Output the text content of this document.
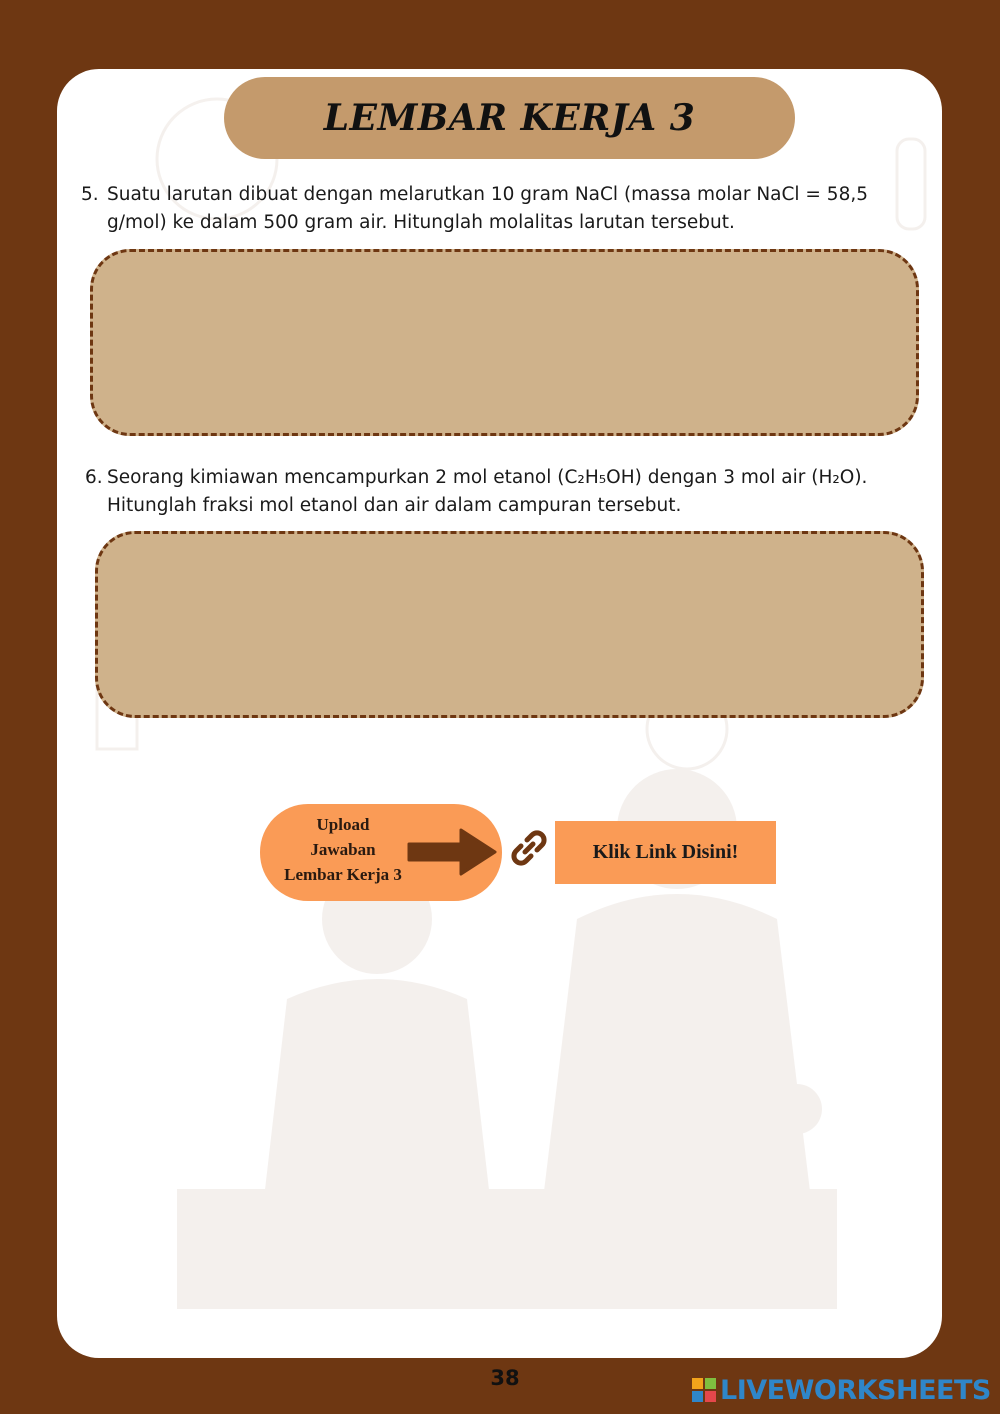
LEMBAR KERJA 3
5. Suatu larutan dibuat dengan melarutkan 10 gram NaCl (massa molar NaCl = 58,5
g/mol) ke dalam 500 gram air. Hitunglah molalitas larutan tersebut.
6. Seorang kimiawan mencampurkan 2 mol etanol (C₂H₅OH) dengan 3 mol air (H₂O).
Hitunglah fraksi mol etanol dan air dalam campuran tersebut.
Upload
Jawaban
Lembar Kerja 3
Klik Link Disini!
38	LIVEWORKSHEETS
